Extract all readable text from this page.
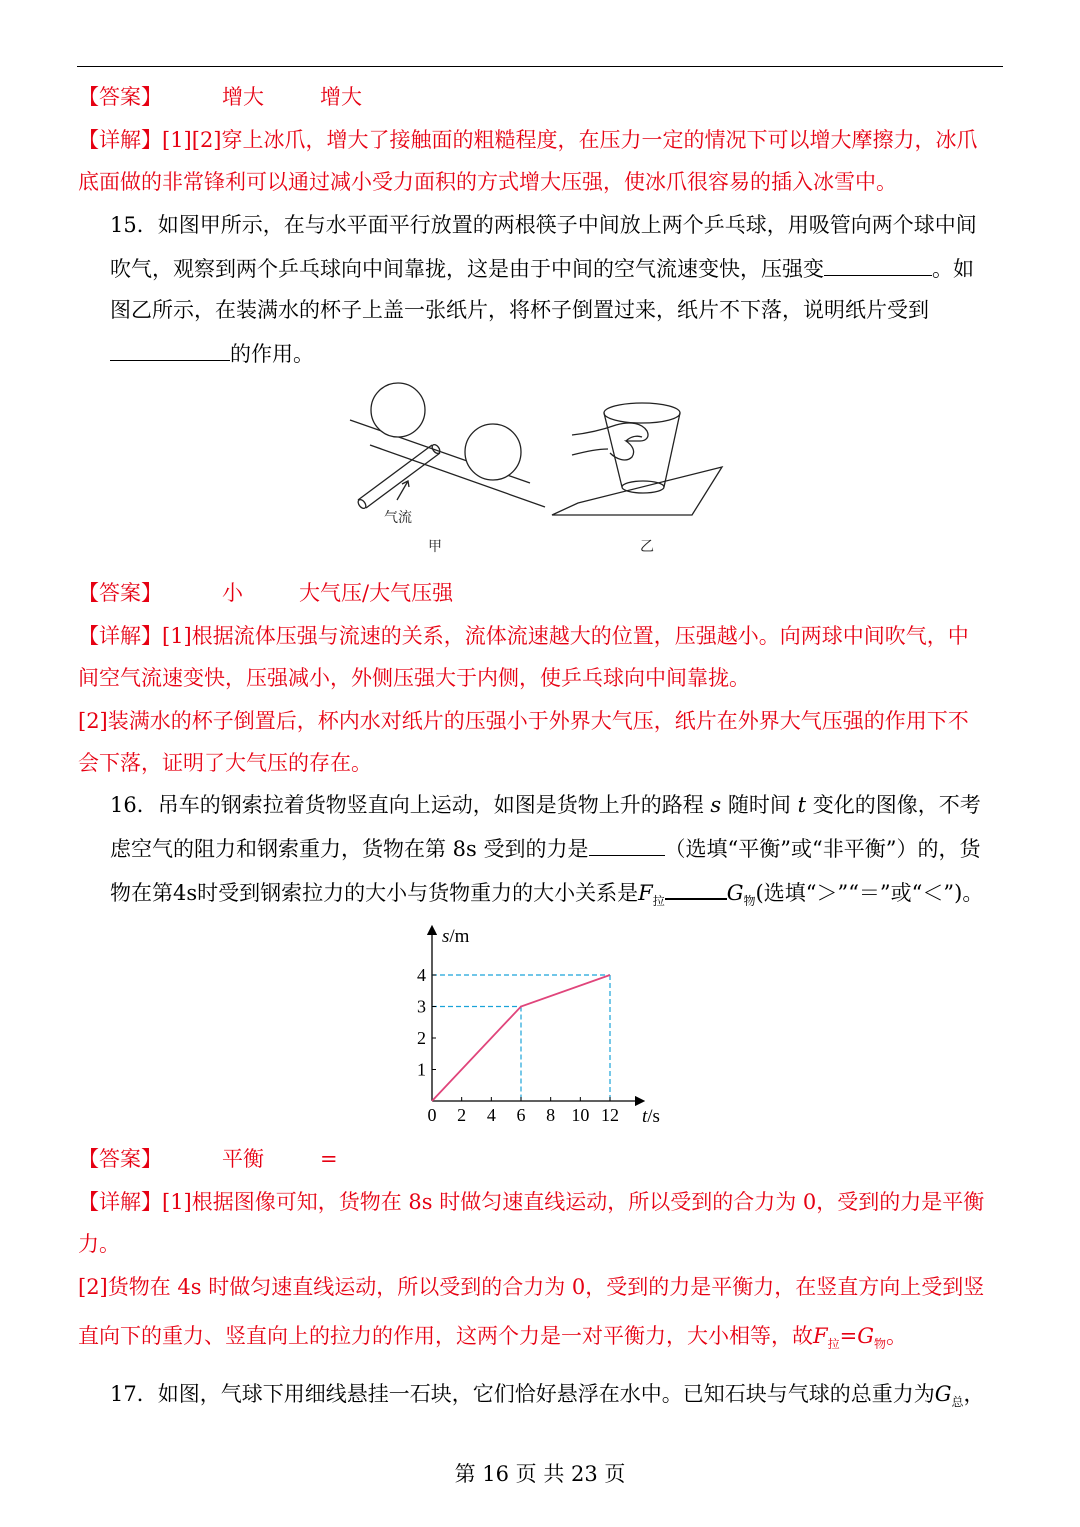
【答案】	增大	增大
【详解】[1][2]穿上冰爪，增大了接触面的粗糙程度，在压力一定的情况下可以增大摩擦力，冰爪
底面做的非常锋利可以通过减小受力面积的方式增大压强，使冰爪很容易的插入冰雪中。
15．如图甲所示，在与水平面平行放置的两根筷子中间放上两个乒乓球，用吸管向两个球中间
吹气，观察到两个乒乓球向中间靠拢，这是由于中间的空气流速变快，压强变	。如
图乙所示，在装满水的杯子上盖一张纸片，将杯子倒置过来，纸片不下落，说明纸片受到
的作用。
气流
甲	乙
【答案】	小	大气压/大气压强
【详解】[1]根据流体压强与流速的关系，流体流速越大的位置，压强越小。向两球中间吹气，中
间空气流速变快，压强减小，外侧压强大于内侧，使乒乓球向中间靠拢。
[2]装满水的杯子倒置后，杯内水对纸片的压强小于外界大气压，纸片在外界大气压强的作用下不
会下落，证明了大气压的存在。
16．吊车的钢索拉着货物竖直向上运动，如图是货物上升的路程 s 随时间 t 变化的图像，不考
虑空气的阻力和钢索重力，货物在第 8s 受到的力是	（选填“平衡”或“非平衡”）的，货
物在第4s时受到钢索拉力的大小与货物重力的大小关系是$F_拉$	$G_物$(选填“＞”“＝”或“＜”)。
0 2 4 6 8 10 12
1
2
3
4
s/m
t/s
【答案】	平衡	=
【详解】[1]根据图像可知，货物在 8s 时做匀速直线运动，所以受到的合力为 0，受到的力是平衡
力。
[2]货物在 4s 时做匀速直线运动，所以受到的合力为 0，受到的力是平衡力，在竖直方向上受到竖
直向下的重力、竖直向上的拉力的作用，这两个力是一对平衡力，大小相等，故$F_拉=G_物$。
17．如图，气球下用细线悬挂一石块，它们恰好悬浮在水中。已知石块与气球的总重力为$G_总$，
第 16 页 共 23 页
